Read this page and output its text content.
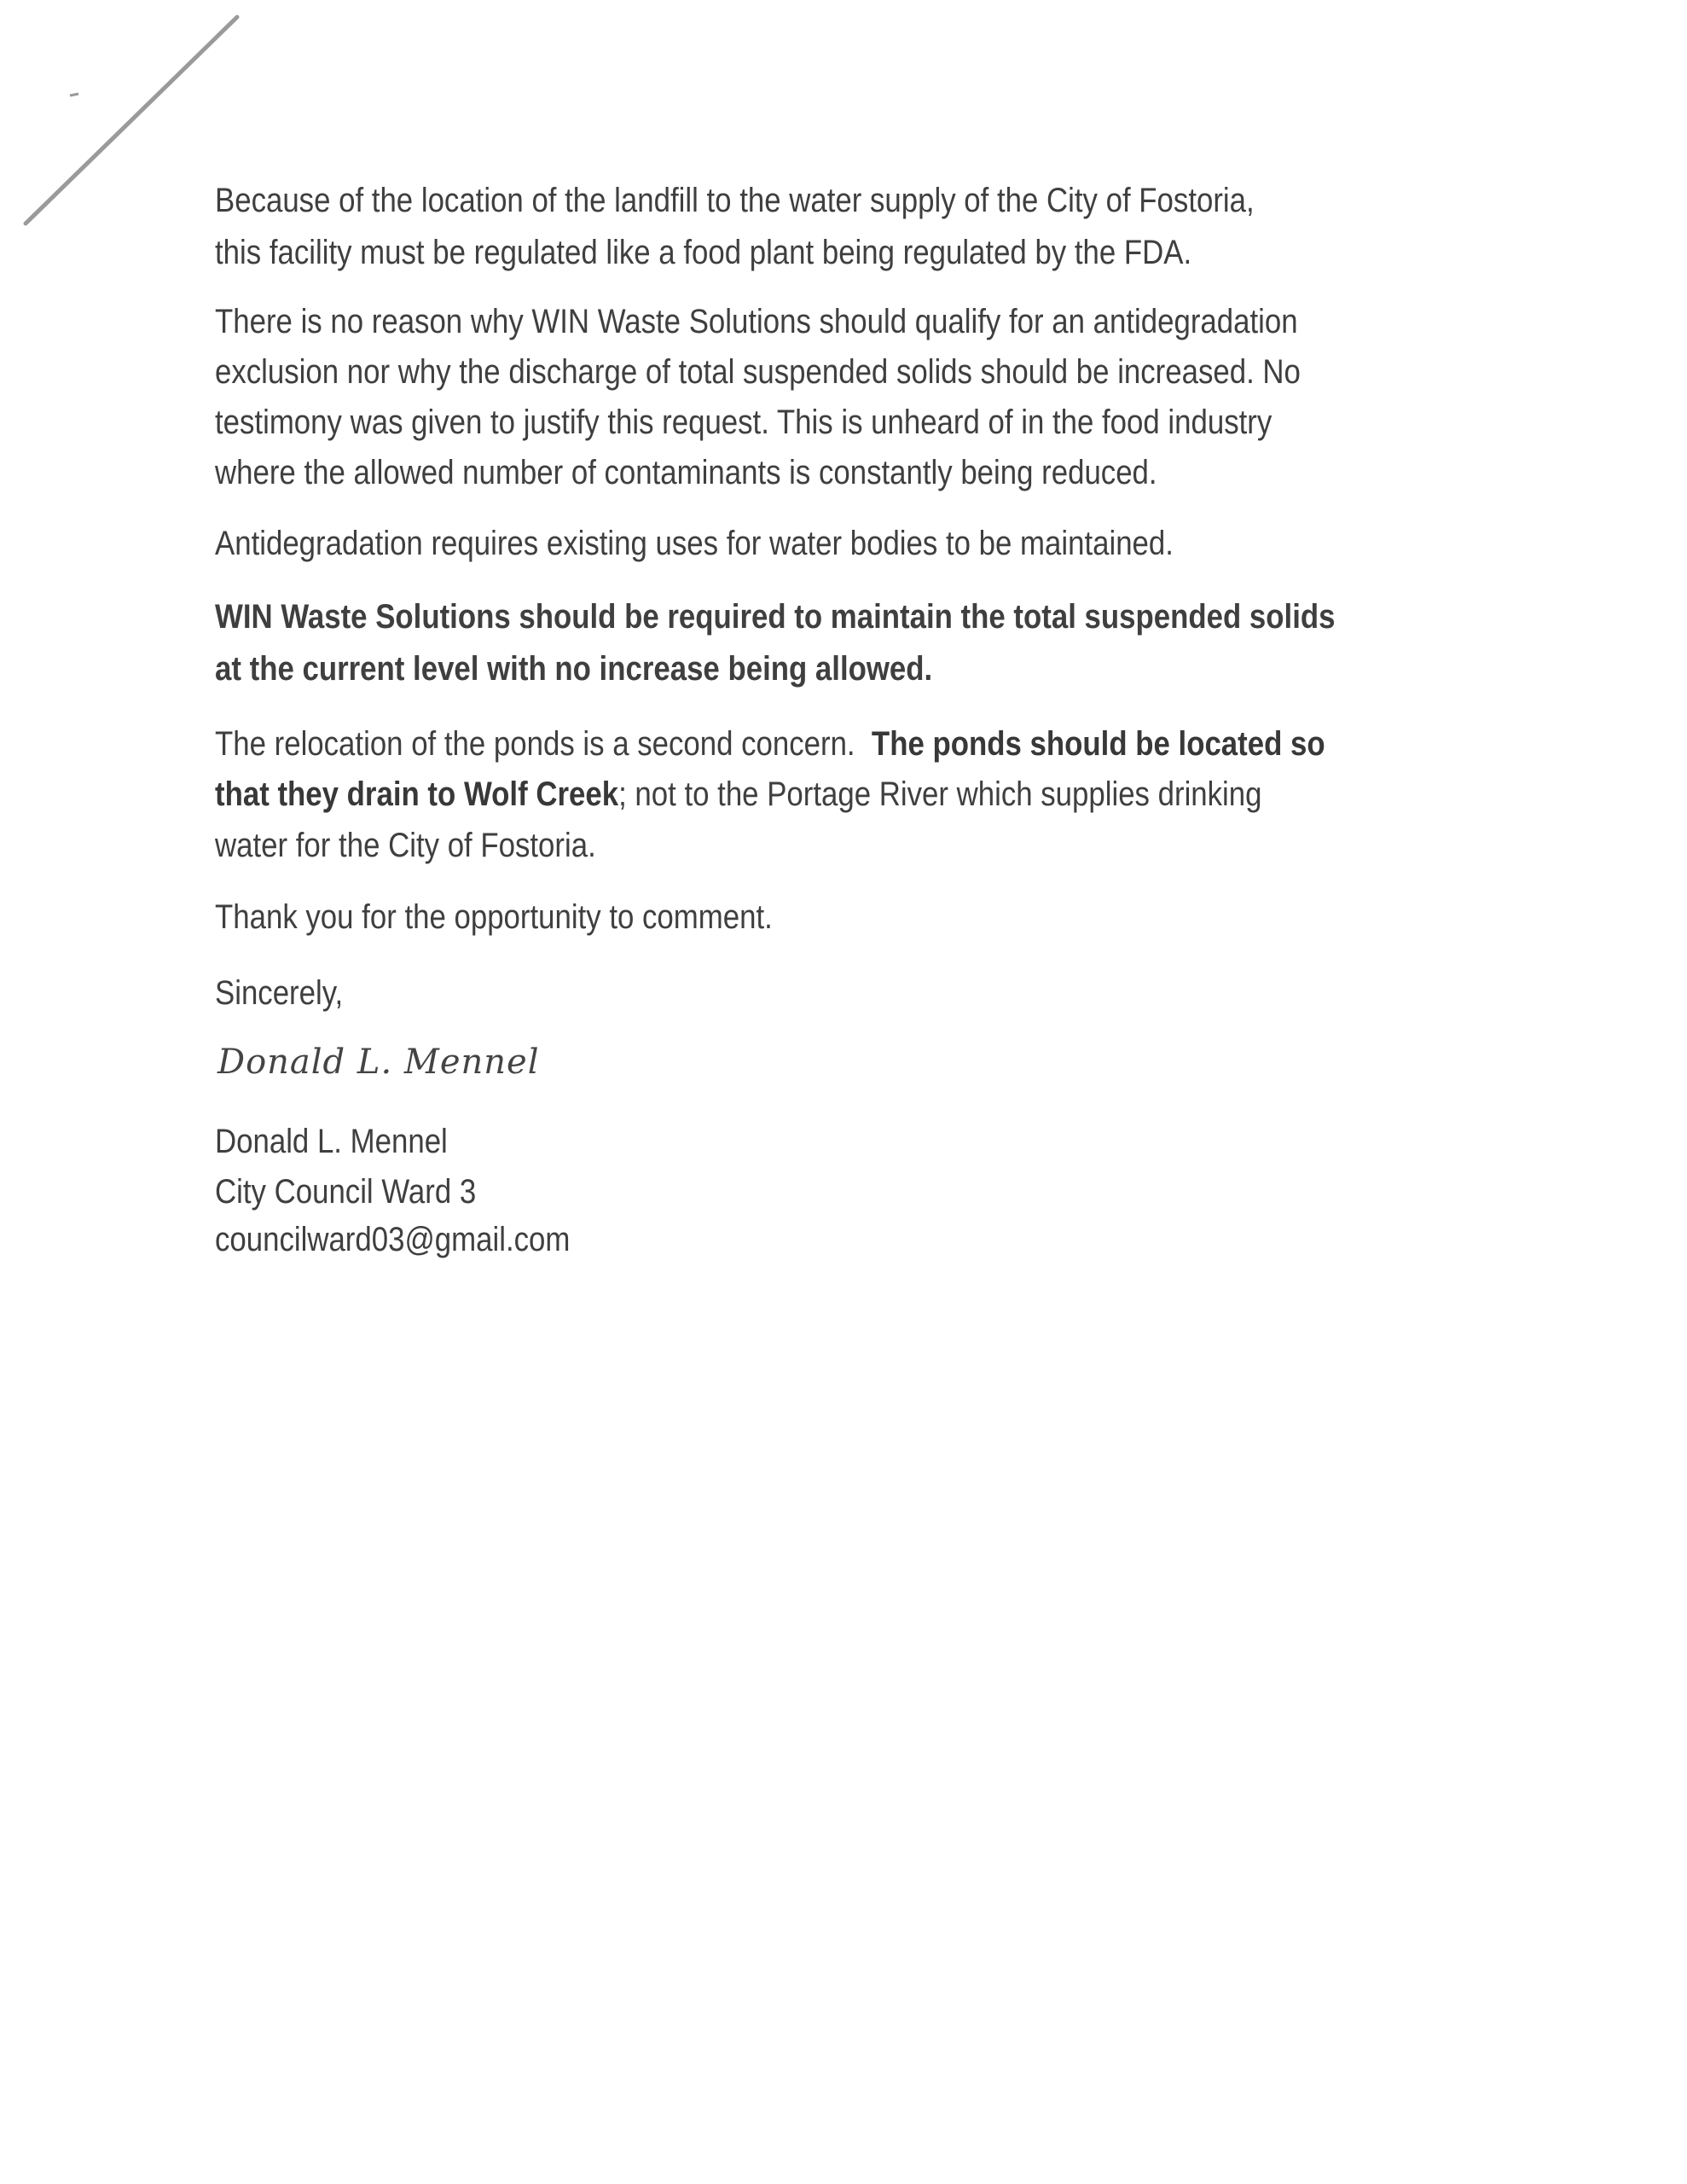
Because of the location of the landfill to the water supply of the City of Fostoria,
this facility must be regulated like a food plant being regulated by the FDA.
There is no reason why WIN Waste Solutions should qualify for an antidegradation
exclusion nor why the discharge of total suspended solids should be increased. No
testimony was given to justify this request. This is unheard of in the food industry
where the allowed number of contaminants is constantly being reduced.
Antidegradation requires existing uses for water bodies to be maintained.
WIN Waste Solutions should be required to maintain the total suspended solids
at the current level with no increase being allowed.
The relocation of the ponds is a second concern.  The ponds should be located so
that they drain to Wolf Creek; not to the Portage River which supplies drinking
water for the City of Fostoria.
Thank you for the opportunity to comment.
Sincerely,
Donald L. Mennel
Donald L. Mennel
City Council Ward 3
councilward03@gmail.com
